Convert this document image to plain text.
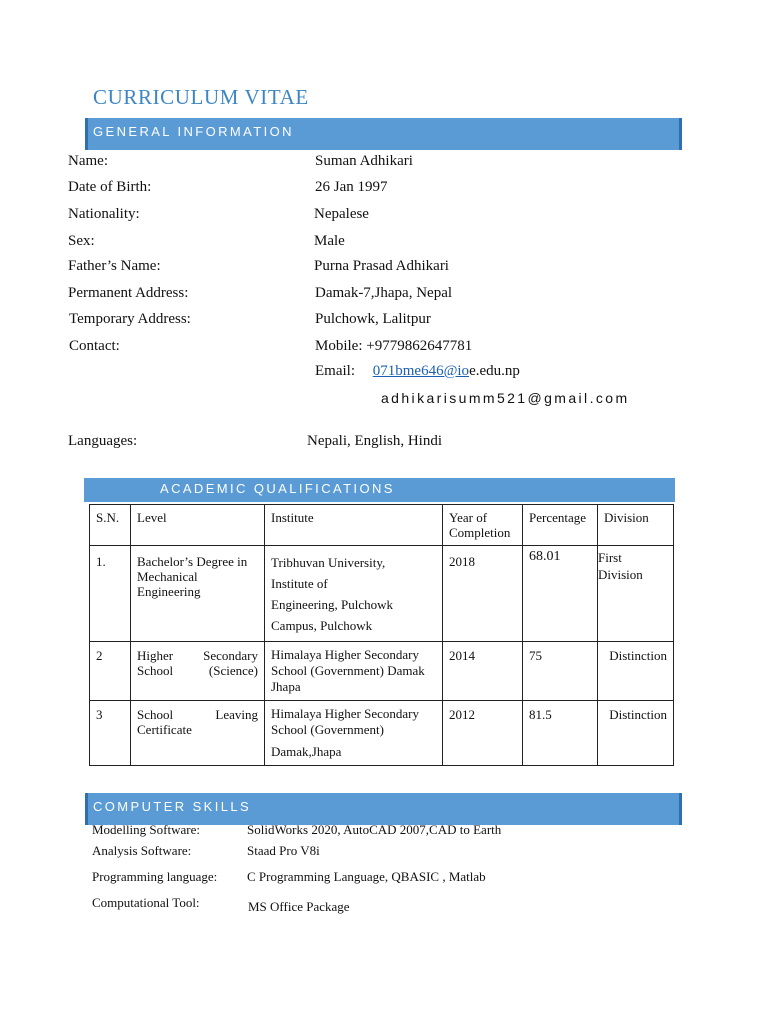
CURRICULUM VITAE
GENERAL INFORMATION
Name:	Suman Adhikari
Date of Birth:	26 Jan 1997
Nationality:	Nepalese
Sex:	Male
Father’s Name:	Purna Prasad Adhikari
Permanent Address:	Damak-7,Jhapa, Nepal
Temporary Address:	Pulchowk, Lalitpur
Contact:	Mobile: +9779862647781
Email: 071bme646@ioe.edu.np
adhikarisumm521@gmail.com
Languages:	Nepali, English, Hindi
ACADEMIC QUALIFICATIONS
S.N.	Level	Institute	Year of Completion	Percentage	Division
1.	Bachelor’s Degree in Mechanical Engineering	Tribhuvan University,
Institute of
Engineering, Pulchowk
Campus, Pulchowk	2018	68.01	First Division
2	Higher Secondary School (Science)	Himalaya Higher Secondary
School (Government) Damak
Jhapa	2014	75	Distinction
3	School Leaving Certificate	Himalaya Higher Secondary
School (Government)
Damak,Jhapa	2012	81.5	Distinction
COMPUTER SKILLS
Modelling Software:	SolidWorks 2020, AutoCAD 2007,CAD to Earth
Analysis Software:	Staad Pro V8i
Programming language: C Programming Language, QBASIC , Matlab
Computational Tool:	MS Office Package
